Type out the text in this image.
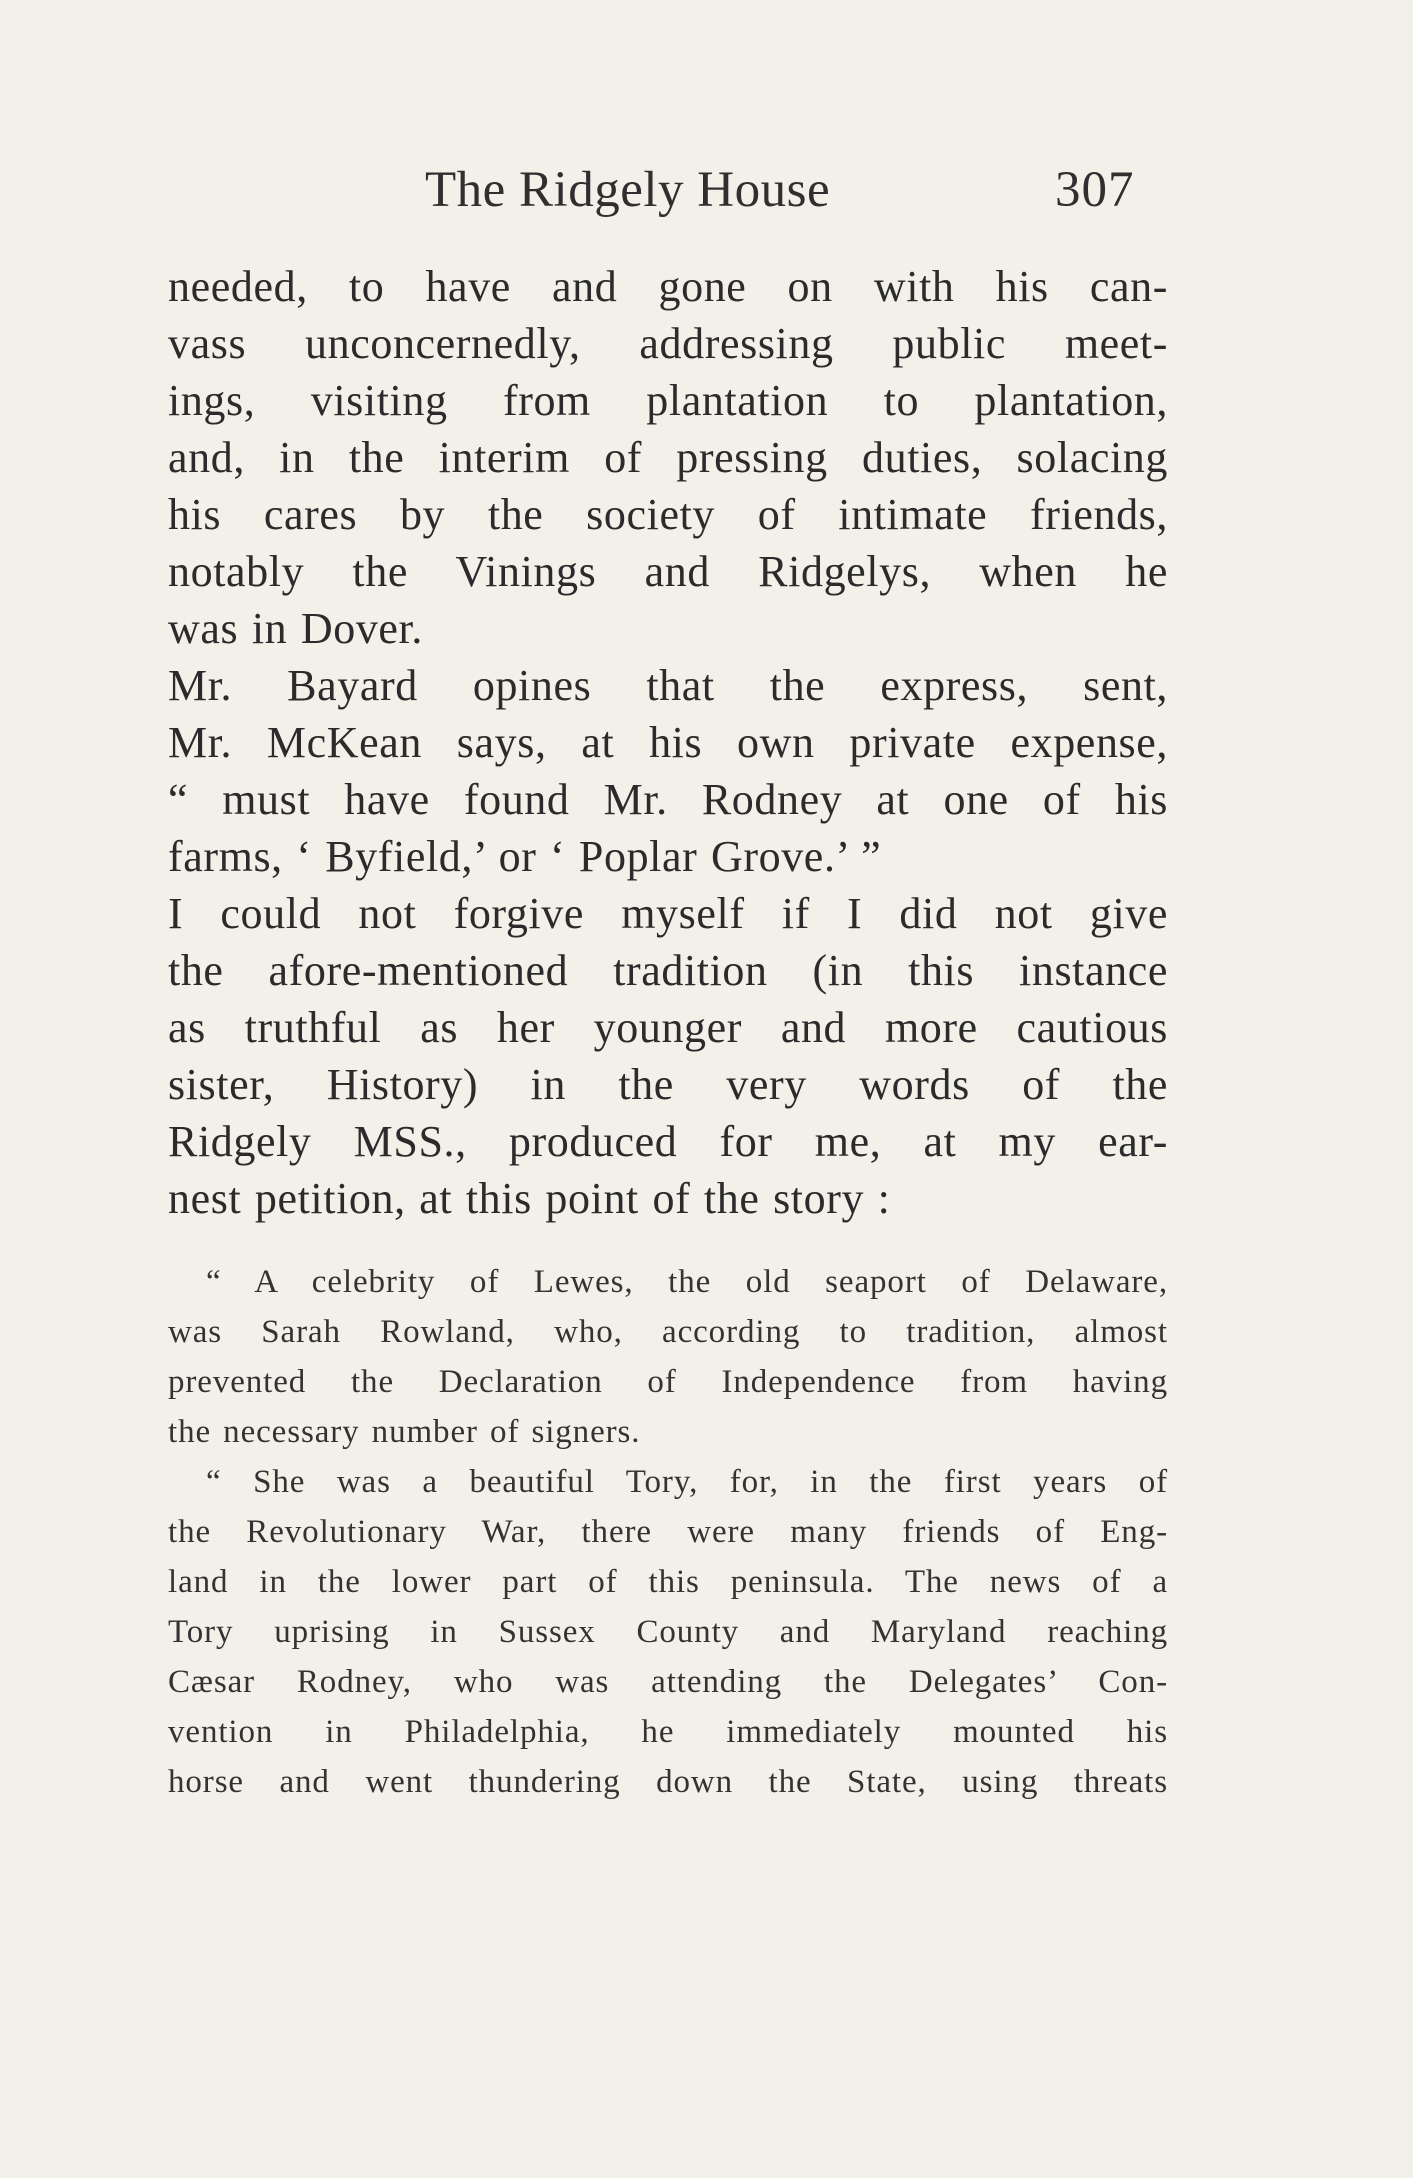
The Ridgely House	307
needed, to have and gone on with his can-
vass unconcernedly, addressing public meet-
ings, visiting from plantation to plantation,
and, in the interim of pressing duties, solacing
his cares by the society of intimate friends,
notably the Vinings and Ridgelys, when he
was in Dover.
Mr. Bayard opines that the express, sent,
Mr. McKean says, at his own private expense,
“ must have found Mr. Rodney at one of his
farms, ‘ Byfield,’ or ‘ Poplar Grove.’ ”
I could not forgive myself if I did not give
the afore-mentioned tradition (in this instance
as truthful as her younger and more cautious
sister, History) in the very words of the
Ridgely MSS., produced for me, at my ear-
nest petition, at this point of the story :
“ A celebrity of Lewes, the old seaport of Delaware,
was Sarah Rowland, who, according to tradition, almost
prevented the Declaration of Independence from having
the necessary number of signers.
“ She was a beautiful Tory, for, in the first years of
the Revolutionary War, there were many friends of Eng-
land in the lower part of this peninsula. The news of a
Tory uprising in Sussex County and Maryland reaching
Cæsar Rodney, who was attending the Delegates’ Con-
vention in Philadelphia, he immediately mounted his
horse and went thundering down the State, using threats
